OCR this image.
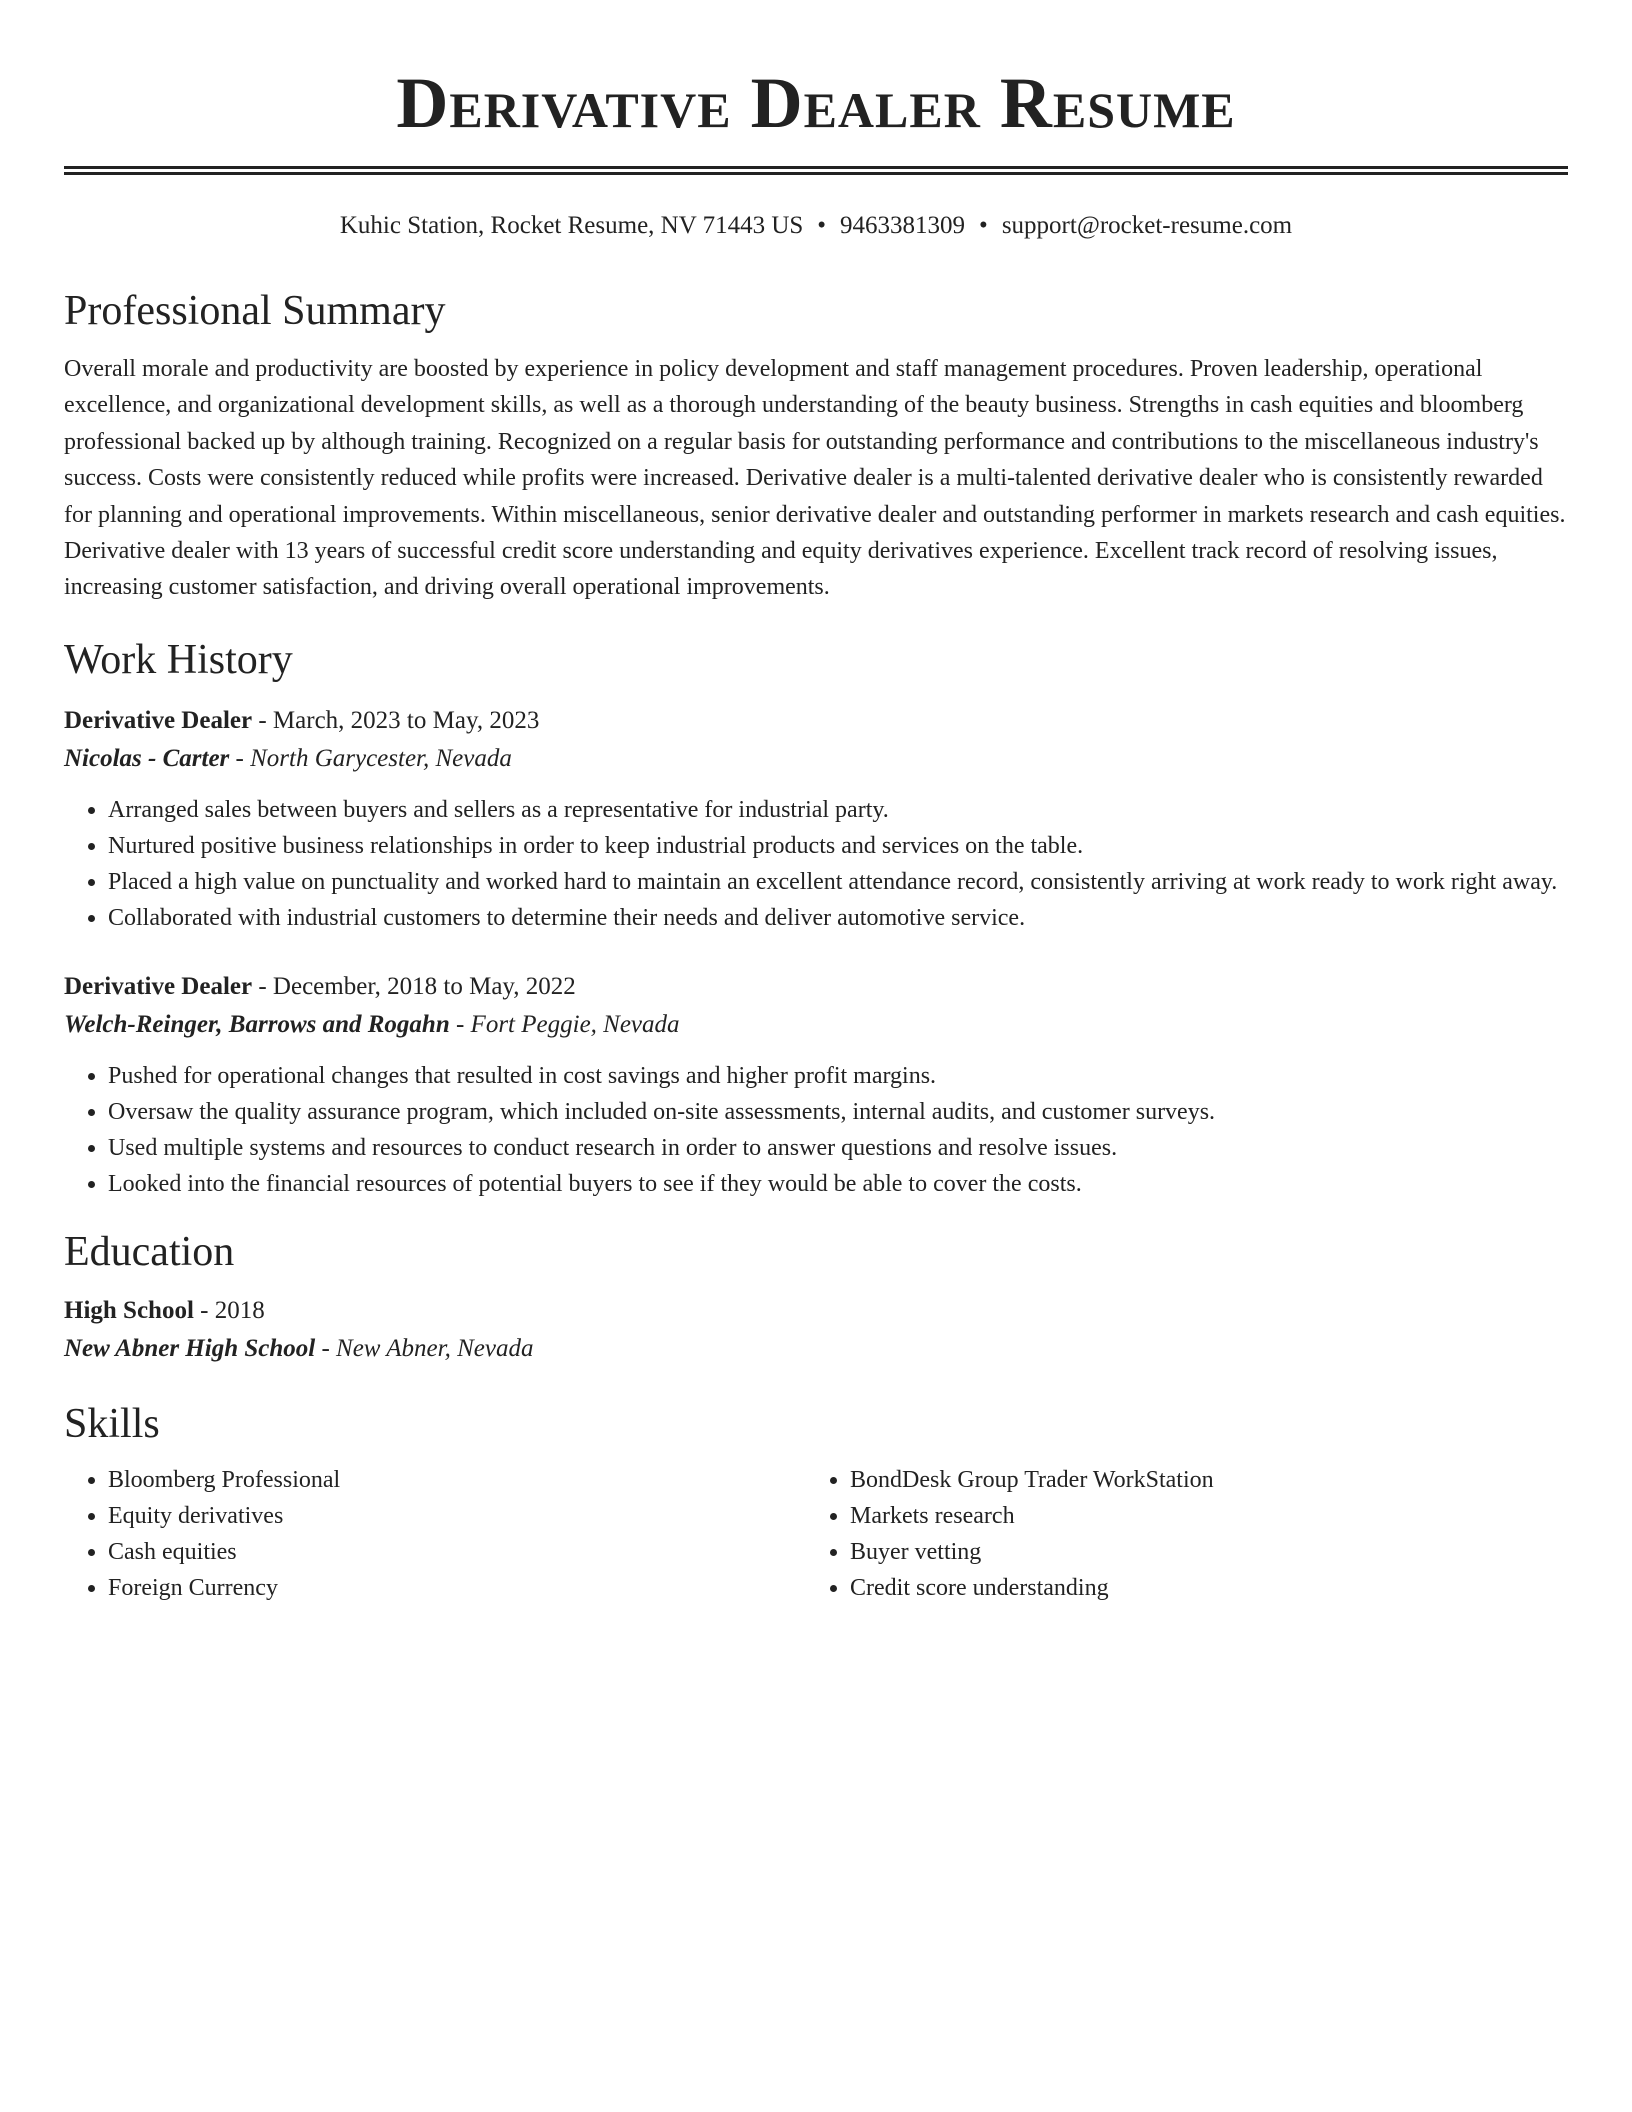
Derivative Dealer Resume
Kuhic Station, Rocket Resume, NV 71443 US • 9463381309 • support@rocket-resume.com
Professional Summary
Overall morale and productivity are boosted by experience in policy development and staff management procedures. Proven leadership, operational excellence, and organizational development skills, as well as a thorough understanding of the beauty business. Strengths in cash equities and bloomberg professional backed up by although training. Recognized on a regular basis for outstanding performance and contributions to the miscellaneous industry's success. Costs were consistently reduced while profits were increased. Derivative dealer is a multi-talented derivative dealer who is consistently rewarded for planning and operational improvements. Within miscellaneous, senior derivative dealer and outstanding performer in markets research and cash equities. Derivative dealer with 13 years of successful credit score understanding and equity derivatives experience. Excellent track record of resolving issues, increasing customer satisfaction, and driving overall operational improvements.
Work History
Derivative Dealer - March, 2023 to May, 2023
Nicolas - Carter - North Garycester, Nevada
• Arranged sales between buyers and sellers as a representative for industrial party.
• Nurtured positive business relationships in order to keep industrial products and services on the table.
• Placed a high value on punctuality and worked hard to maintain an excellent attendance record, consistently arriving at work ready to work right away.
• Collaborated with industrial customers to determine their needs and deliver automotive service.
Derivative Dealer - December, 2018 to May, 2022
Welch-Reinger, Barrows and Rogahn - Fort Peggie, Nevada
• Pushed for operational changes that resulted in cost savings and higher profit margins.
• Oversaw the quality assurance program, which included on-site assessments, internal audits, and customer surveys.
• Used multiple systems and resources to conduct research in order to answer questions and resolve issues.
• Looked into the financial resources of potential buyers to see if they would be able to cover the costs.
Education
High School - 2018
New Abner High School - New Abner, Nevada
Skills
• Bloomberg Professional
• Equity derivatives
• Cash equities
• Foreign Currency
• BondDesk Group Trader WorkStation
• Markets research
• Buyer vetting
• Credit score understanding
